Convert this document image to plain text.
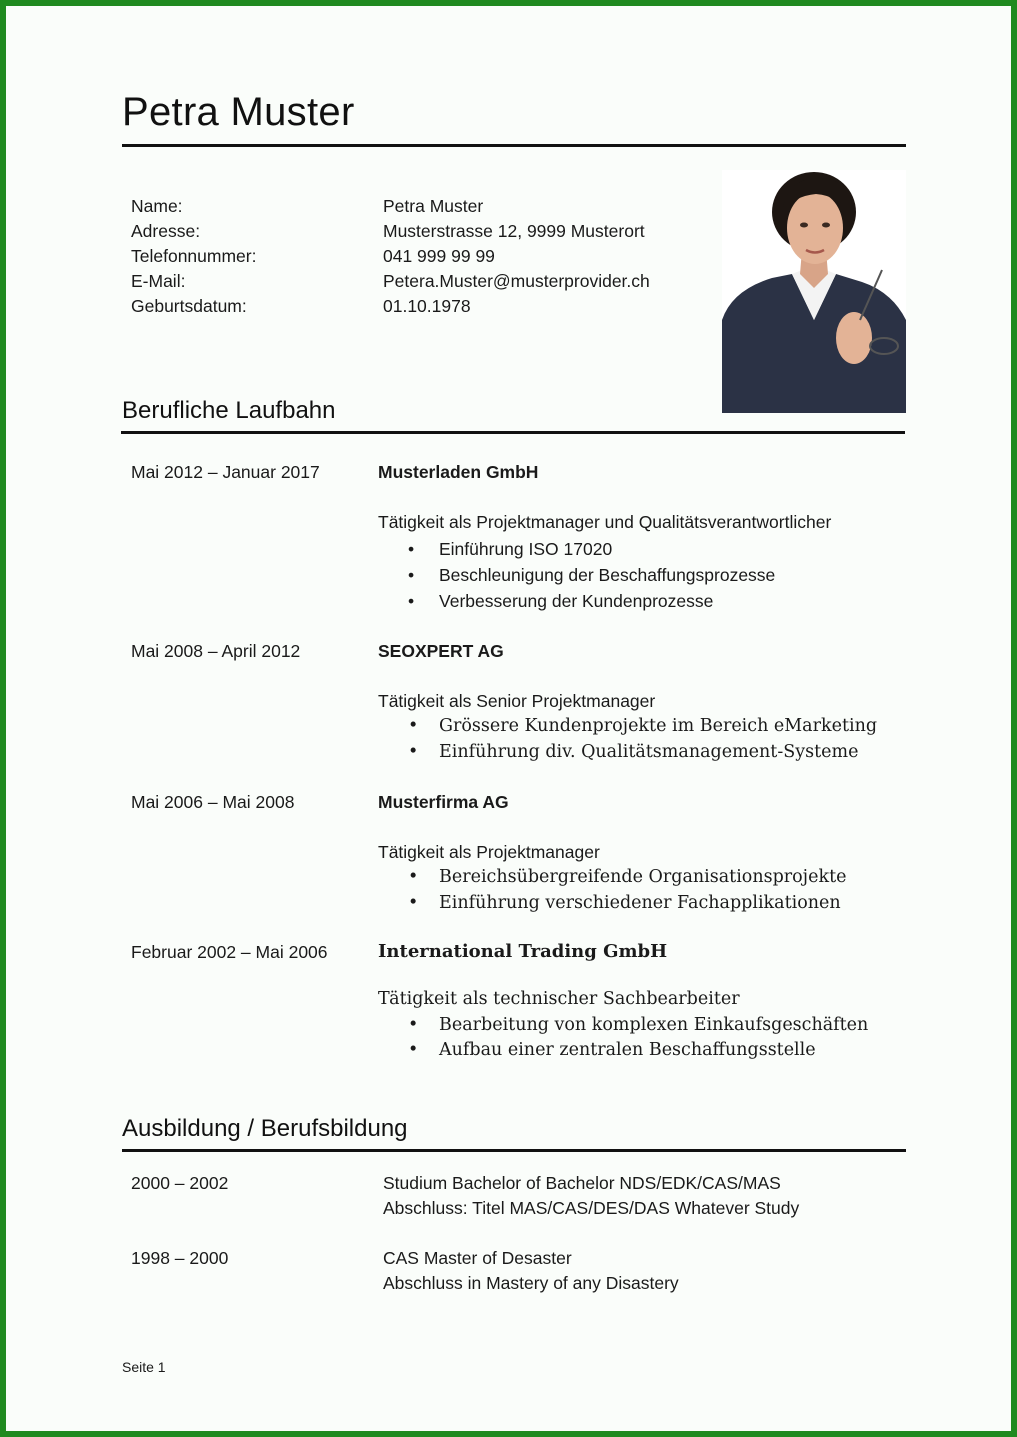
Petra Muster
Name:	Petra Muster
Adresse:	Musterstrasse 12, 9999 Musterort
Telefonnummer:	041 999 99 99
E-Mail:	Petera.Muster@musterprovider.ch
Geburtsdatum:	01.10.1978
Berufliche Laufbahn
Mai 2012 – Januar 2017	Musterladen GmbH
Tätigkeit als Projektmanager und Qualitätsverantwortlicher
• Einführung ISO 17020
• Beschleunigung der Beschaffungsprozesse
• Verbesserung der Kundenprozesse
Mai 2008 – April 2012	SEOXPERT AG
Tätigkeit als Senior Projektmanager
• Grössere Kundenprojekte im Bereich eMarketing
• Einführung div. Qualitätsmanagement-Systeme
Mai 2006 – Mai 2008	Musterfirma AG
Tätigkeit als Projektmanager
• Bereichsübergreifende Organisationsprojekte
• Einführung verschiedener Fachapplikationen
Februar 2002 – Mai 2006	International Trading GmbH
Tätigkeit als technischer Sachbearbeiter
• Bearbeitung von komplexen Einkaufsgeschäften
• Aufbau einer zentralen Beschaffungsstelle
Ausbildung / Berufsbildung
2000 – 2002	Studium Bachelor of Bachelor NDS/EDK/CAS/MAS
Abschluss: Titel MAS/CAS/DES/DAS Whatever Study
1998 – 2000	CAS Master of Desaster
Abschluss in Mastery of any Disastery
Seite 1
